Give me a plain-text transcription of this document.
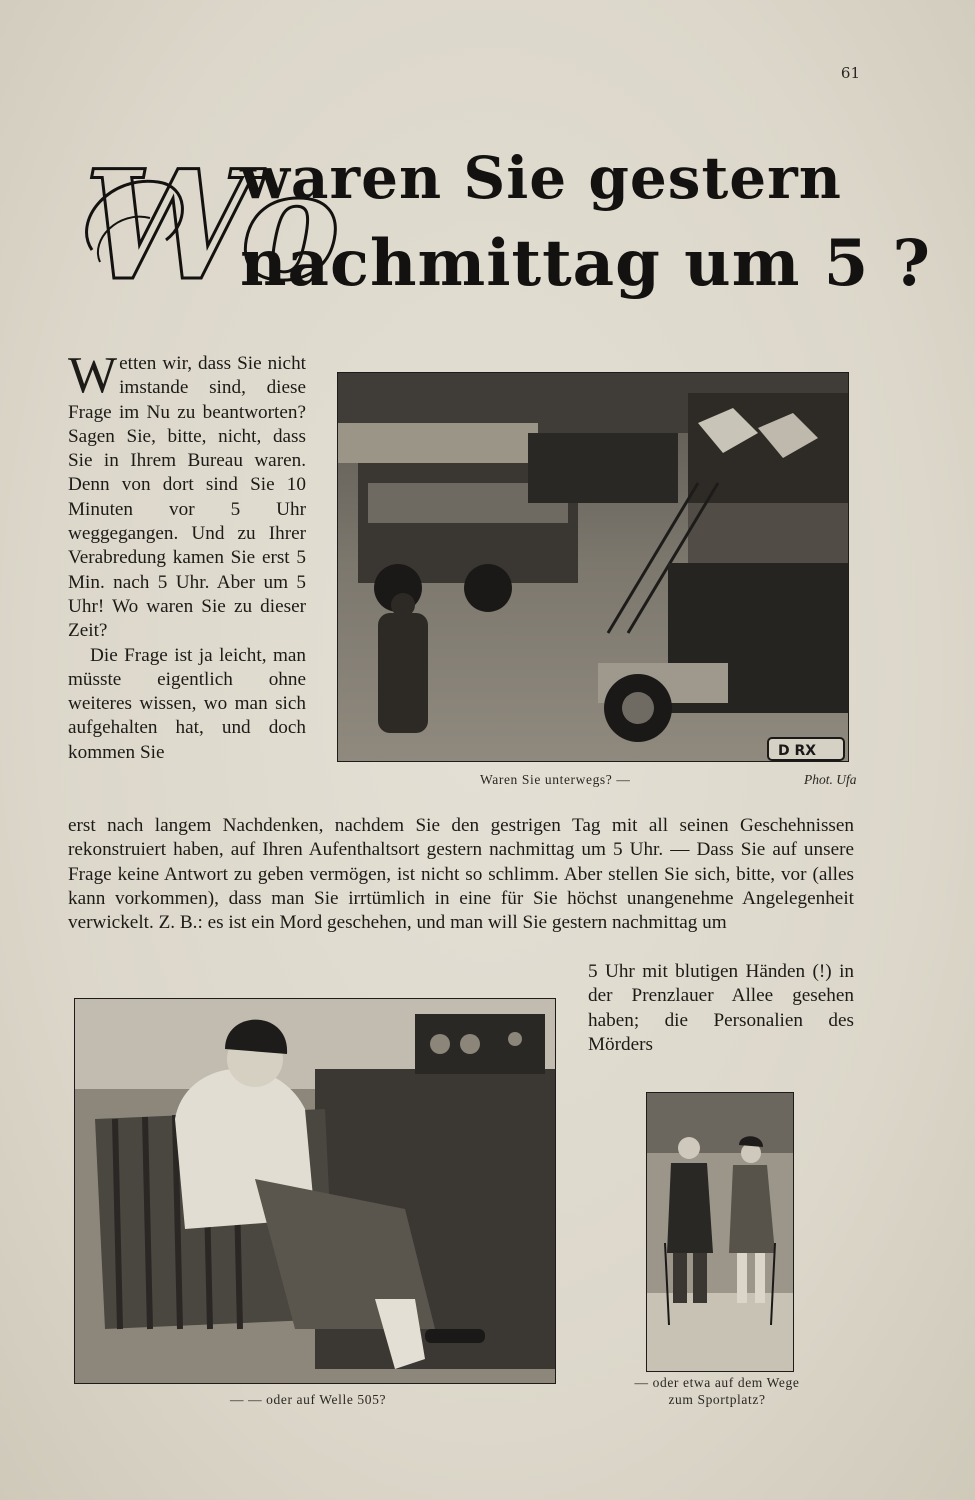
61
Wo
waren Sie gestern
nachmittag um 5 ?
W etten wir, dass Sie nicht imstande sind, diese Frage im Nu zu beantworten? Sagen Sie, bitte, nicht, dass Sie in Ihrem Bureau waren. Denn von dort sind Sie 10 Minuten vor 5 Uhr weggegangen. Und zu Ihrer Verabredung kamen Sie erst 5 Min. nach 5 Uhr. Aber um 5 Uhr! Wo waren Sie zu dieser Zeit?
Die Frage ist ja leicht, man müsste eigentlich ohne weiteres wissen, wo man sich aufgehalten hat, und doch kommen Sie	D RX
Waren Sie unterwegs? —	Phot. Ufa
erst nach langem Nachdenken, nachdem Sie den gestrigen Tag mit all seinen Geschehnissen rekonstruiert haben, auf Ihren Aufenthaltsort gestern nachmittag um 5 Uhr. — Dass Sie auf unsere Frage keine Antwort zu geben vermögen, ist nicht so schlimm. Aber stellen Sie sich, bitte, vor (alles kann vorkommen), dass man Sie irrtümlich in eine für Sie höchst unangenehme Angelegenheit verwickelt. Z. B.: es ist ein Mord geschehen, und man will Sie gestern nachmittag um
5 Uhr mit blutigen Händen (!) in der Prenzlauer Allee gesehen haben; die Personalien des Mörders
— — oder auf Welle 505?
— oder etwa auf dem Wege
zum Sportplatz?
